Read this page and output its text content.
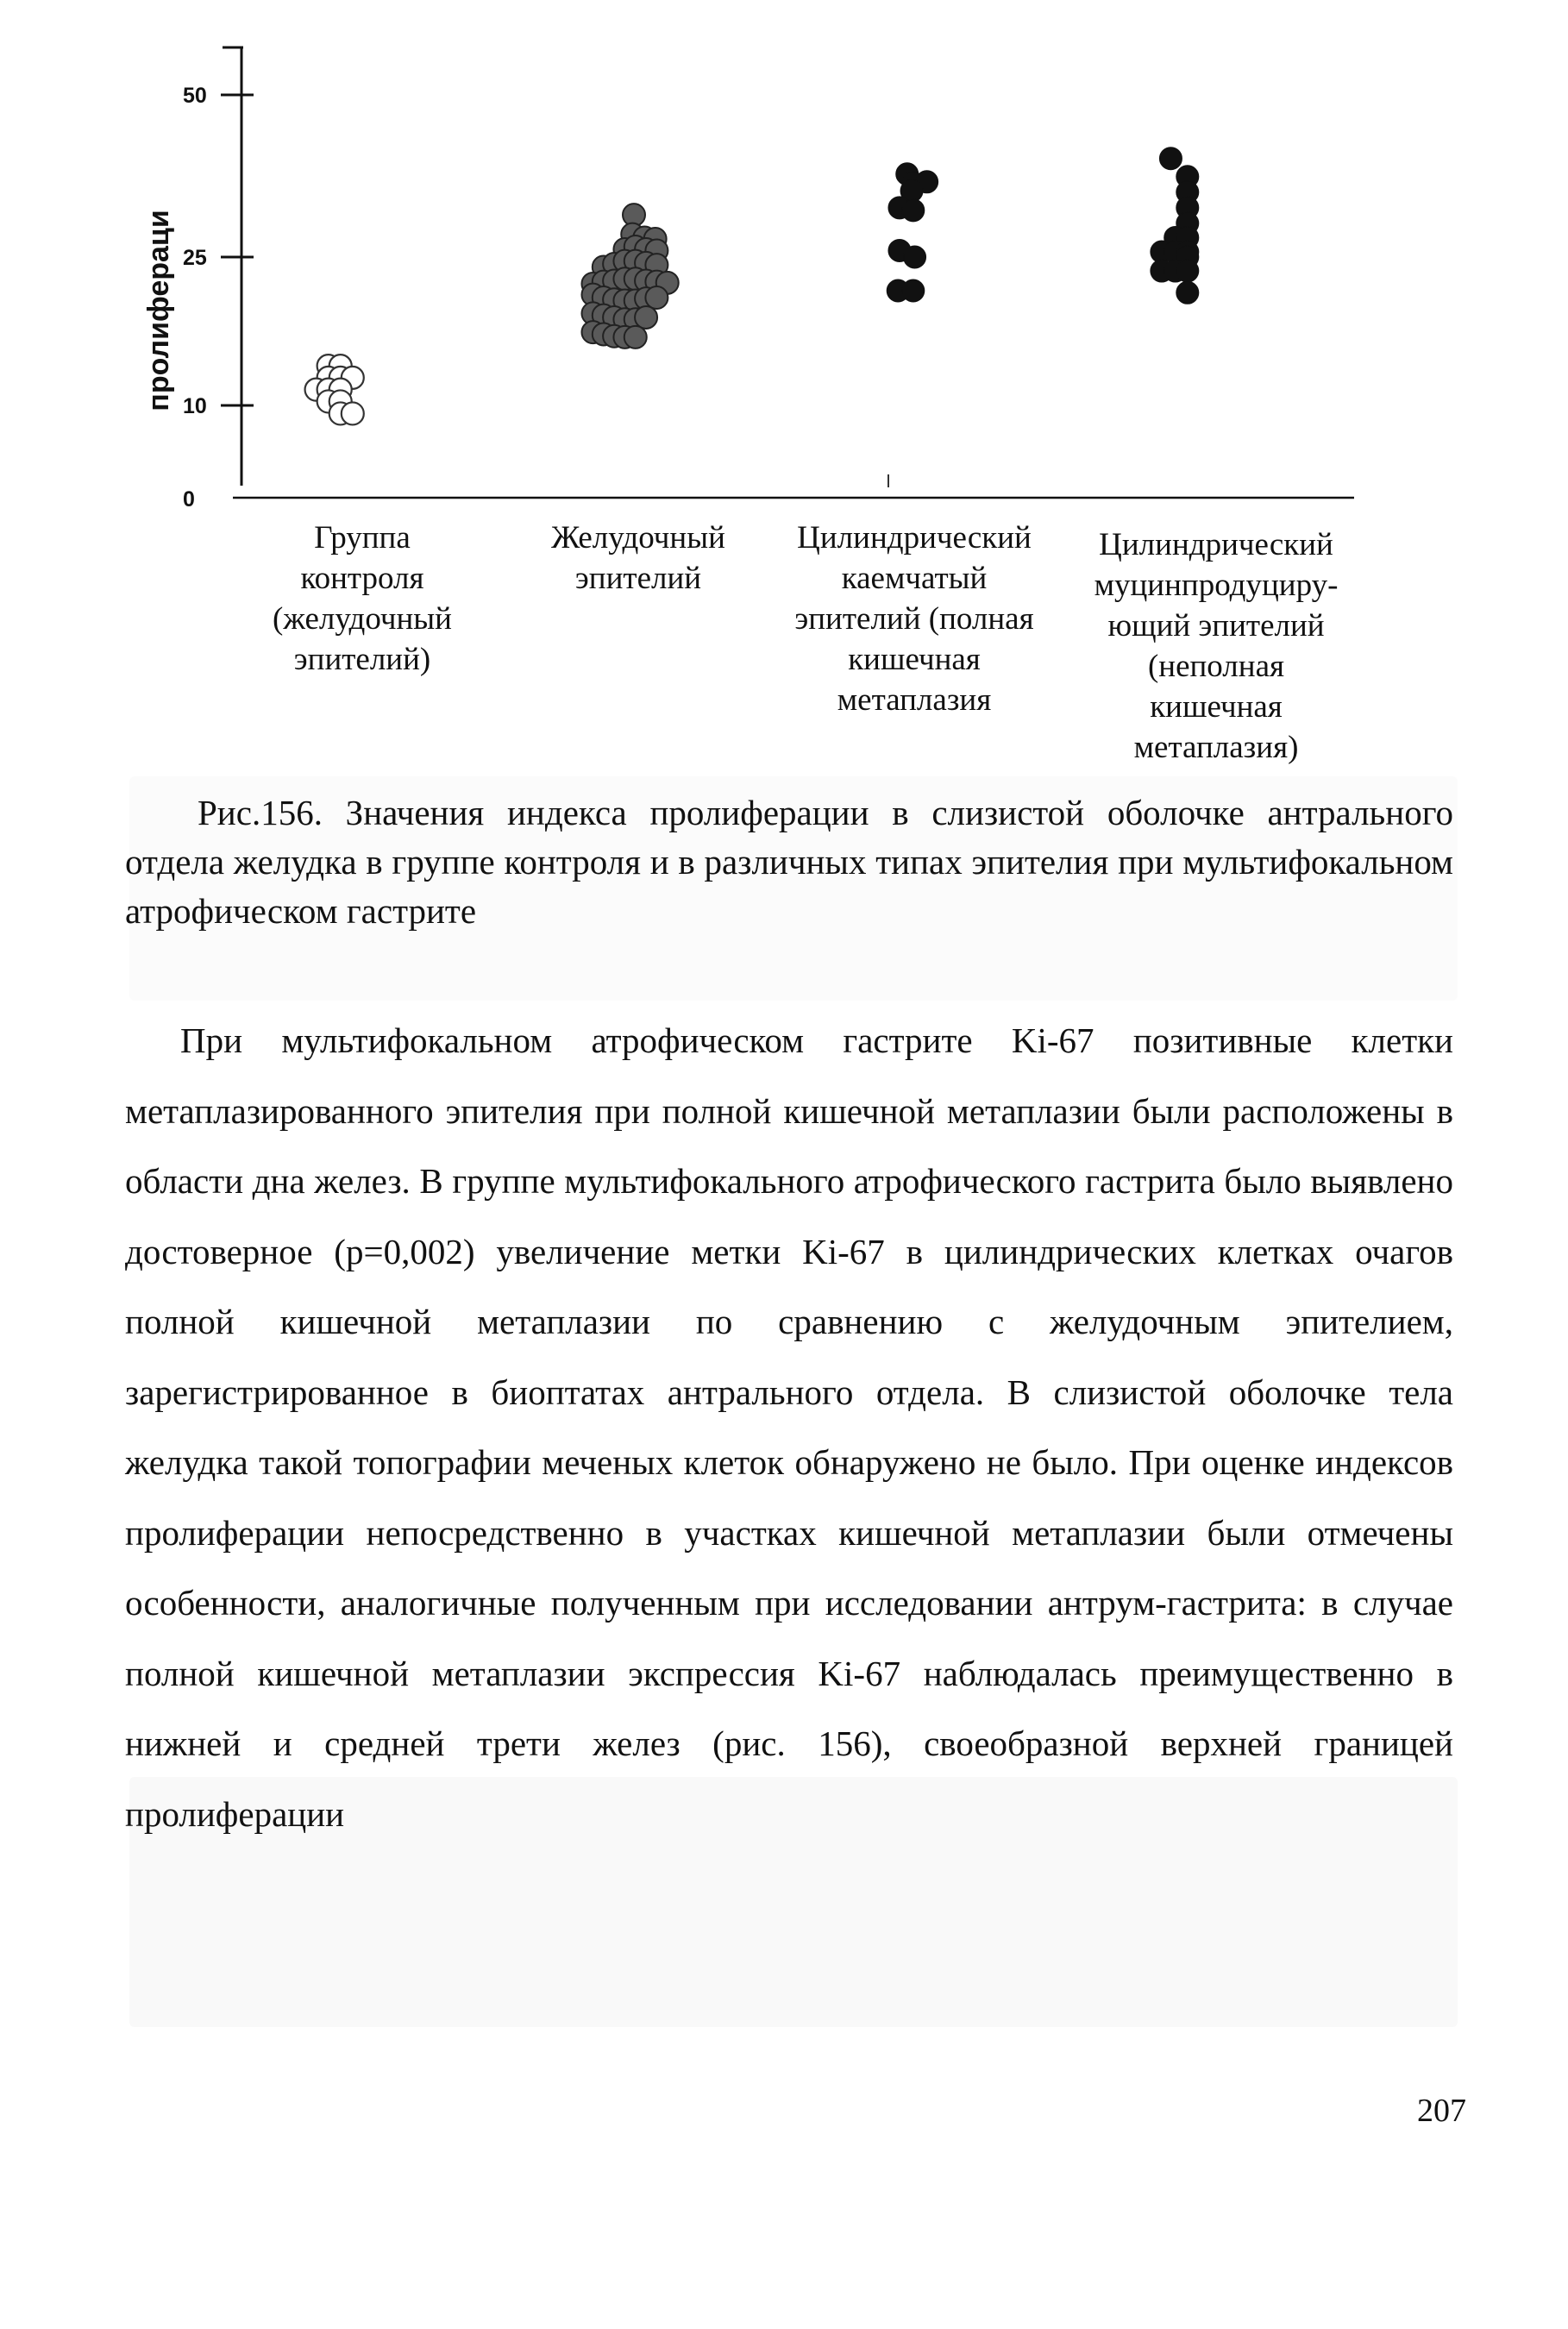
0
10
25
50
пролифераци
Группа
контроля
(желудочный
эпителий)
Желудочный
эпителий
Цилиндрический
каемчатый
эпителий (полная
кишечная
метаплазия
Цилиндрический
муцинпродуциру-
ющий эпителий
(неполная
кишечная
метаплазия)

Рис.156. Значения индекса пролиферации в слизистой оболочке антрального отдела желудка в группе контроля и в различных типах эпителия при мультифокальном атрофическом гастрите

При мультифокальном атрофическом гастрите Ki-67 позитивные клетки метаплазированного эпителия при полной кишечной метаплазии были расположены в области дна желез. В группе мультифокального атрофического гастрита было выявлено достоверное (p=0,002) увеличение метки Ki-67 в цилиндрических клетках очагов полной кишечной метаплазии по сравнению с желудочным эпителием, зарегистрированное в биоптатах антрального отдела. В слизистой оболочке тела желудка такой топографии меченых клеток обнаружено не было. При оценке индексов пролиферации непосредственно в участках кишечной метаплазии были отмечены особенности, аналогичные полученным при исследовании антрум-гастрита: в случае полной кишечной метаплазии экспрессия Ki-67 наблюдалась преимущественно в нижней и средней трети желез (рис. 156), своеобразной верхней границей пролиферации

207
